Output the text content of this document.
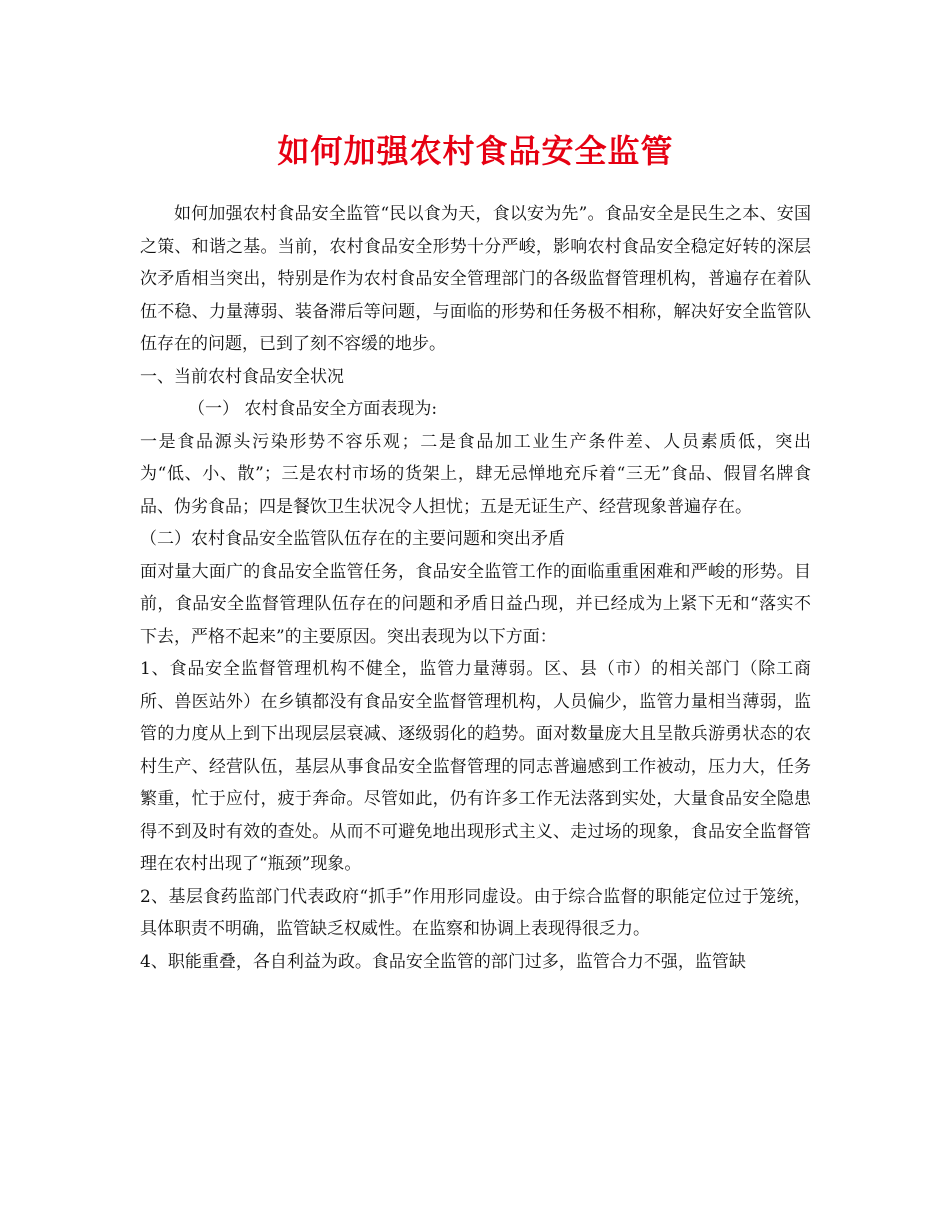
如何加强农村食品安全监管

如何加强农村食品安全监管“民以食为天，食以安为先”。食品安全是民生之本、安国之策、和谐之基。当前，农村食品安全形势十分严峻，影响农村食品安全稳定好转的深层次矛盾相当突出，特别是作为农村食品安全管理部门的各级监督管理机构，普遍存在着队伍不稳、力量薄弱、装备滞后等问题，与面临的形势和任务极不相称，解决好安全监管队伍存在的问题，已到了刻不容缓的地步。

一、当前农村食品安全状况

（一） 农村食品安全方面表现为:

一是食品源头污染形势不容乐观；二是食品加工业生产条件差、人员素质低，突出为“低、小、散”；三是农村市场的货架上，肆无忌惮地充斥着“三无”食品、假冒名牌食品、伪劣食品；四是餐饮卫生状况令人担忧；五是无证生产、经营现象普遍存在。

（二）农村食品安全监管队伍存在的主要问题和突出矛盾

面对量大面广的食品安全监管任务，食品安全监管工作的面临重重困难和严峻的形势。目前，食品安全监督管理队伍存在的问题和矛盾日益凸现，并已经成为上紧下无和“落实不下去，严格不起来”的主要原因。突出表现为以下方面：

1、食品安全监督管理机构不健全，监管力量薄弱。区、县（市）的相关部门（除工商所、兽医站外）在乡镇都没有食品安全监督管理机构，人员偏少，监管力量相当薄弱，监管的力度从上到下出现层层衰减、逐级弱化的趋势。面对数量庞大且呈散兵游勇状态的农村生产、经营队伍，基层从事食品安全监督管理的同志普遍感到工作被动，压力大，任务繁重，忙于应付，疲于奔命。尽管如此，仍有许多工作无法落到实处，大量食品安全隐患得不到及时有效的查处。从而不可避免地出现形式主义、走过场的现象，食品安全监督管理在农村出现了“瓶颈”现象。

2、基层食药监部门代表政府“抓手”作用形同虚设。由于综合监督的职能定位过于笼统，具体职责不明确，监管缺乏权威性。在监察和协调上表现得很乏力。

4、职能重叠，各自利益为政。食品安全监管的部门过多，监管合力不强，监管缺
